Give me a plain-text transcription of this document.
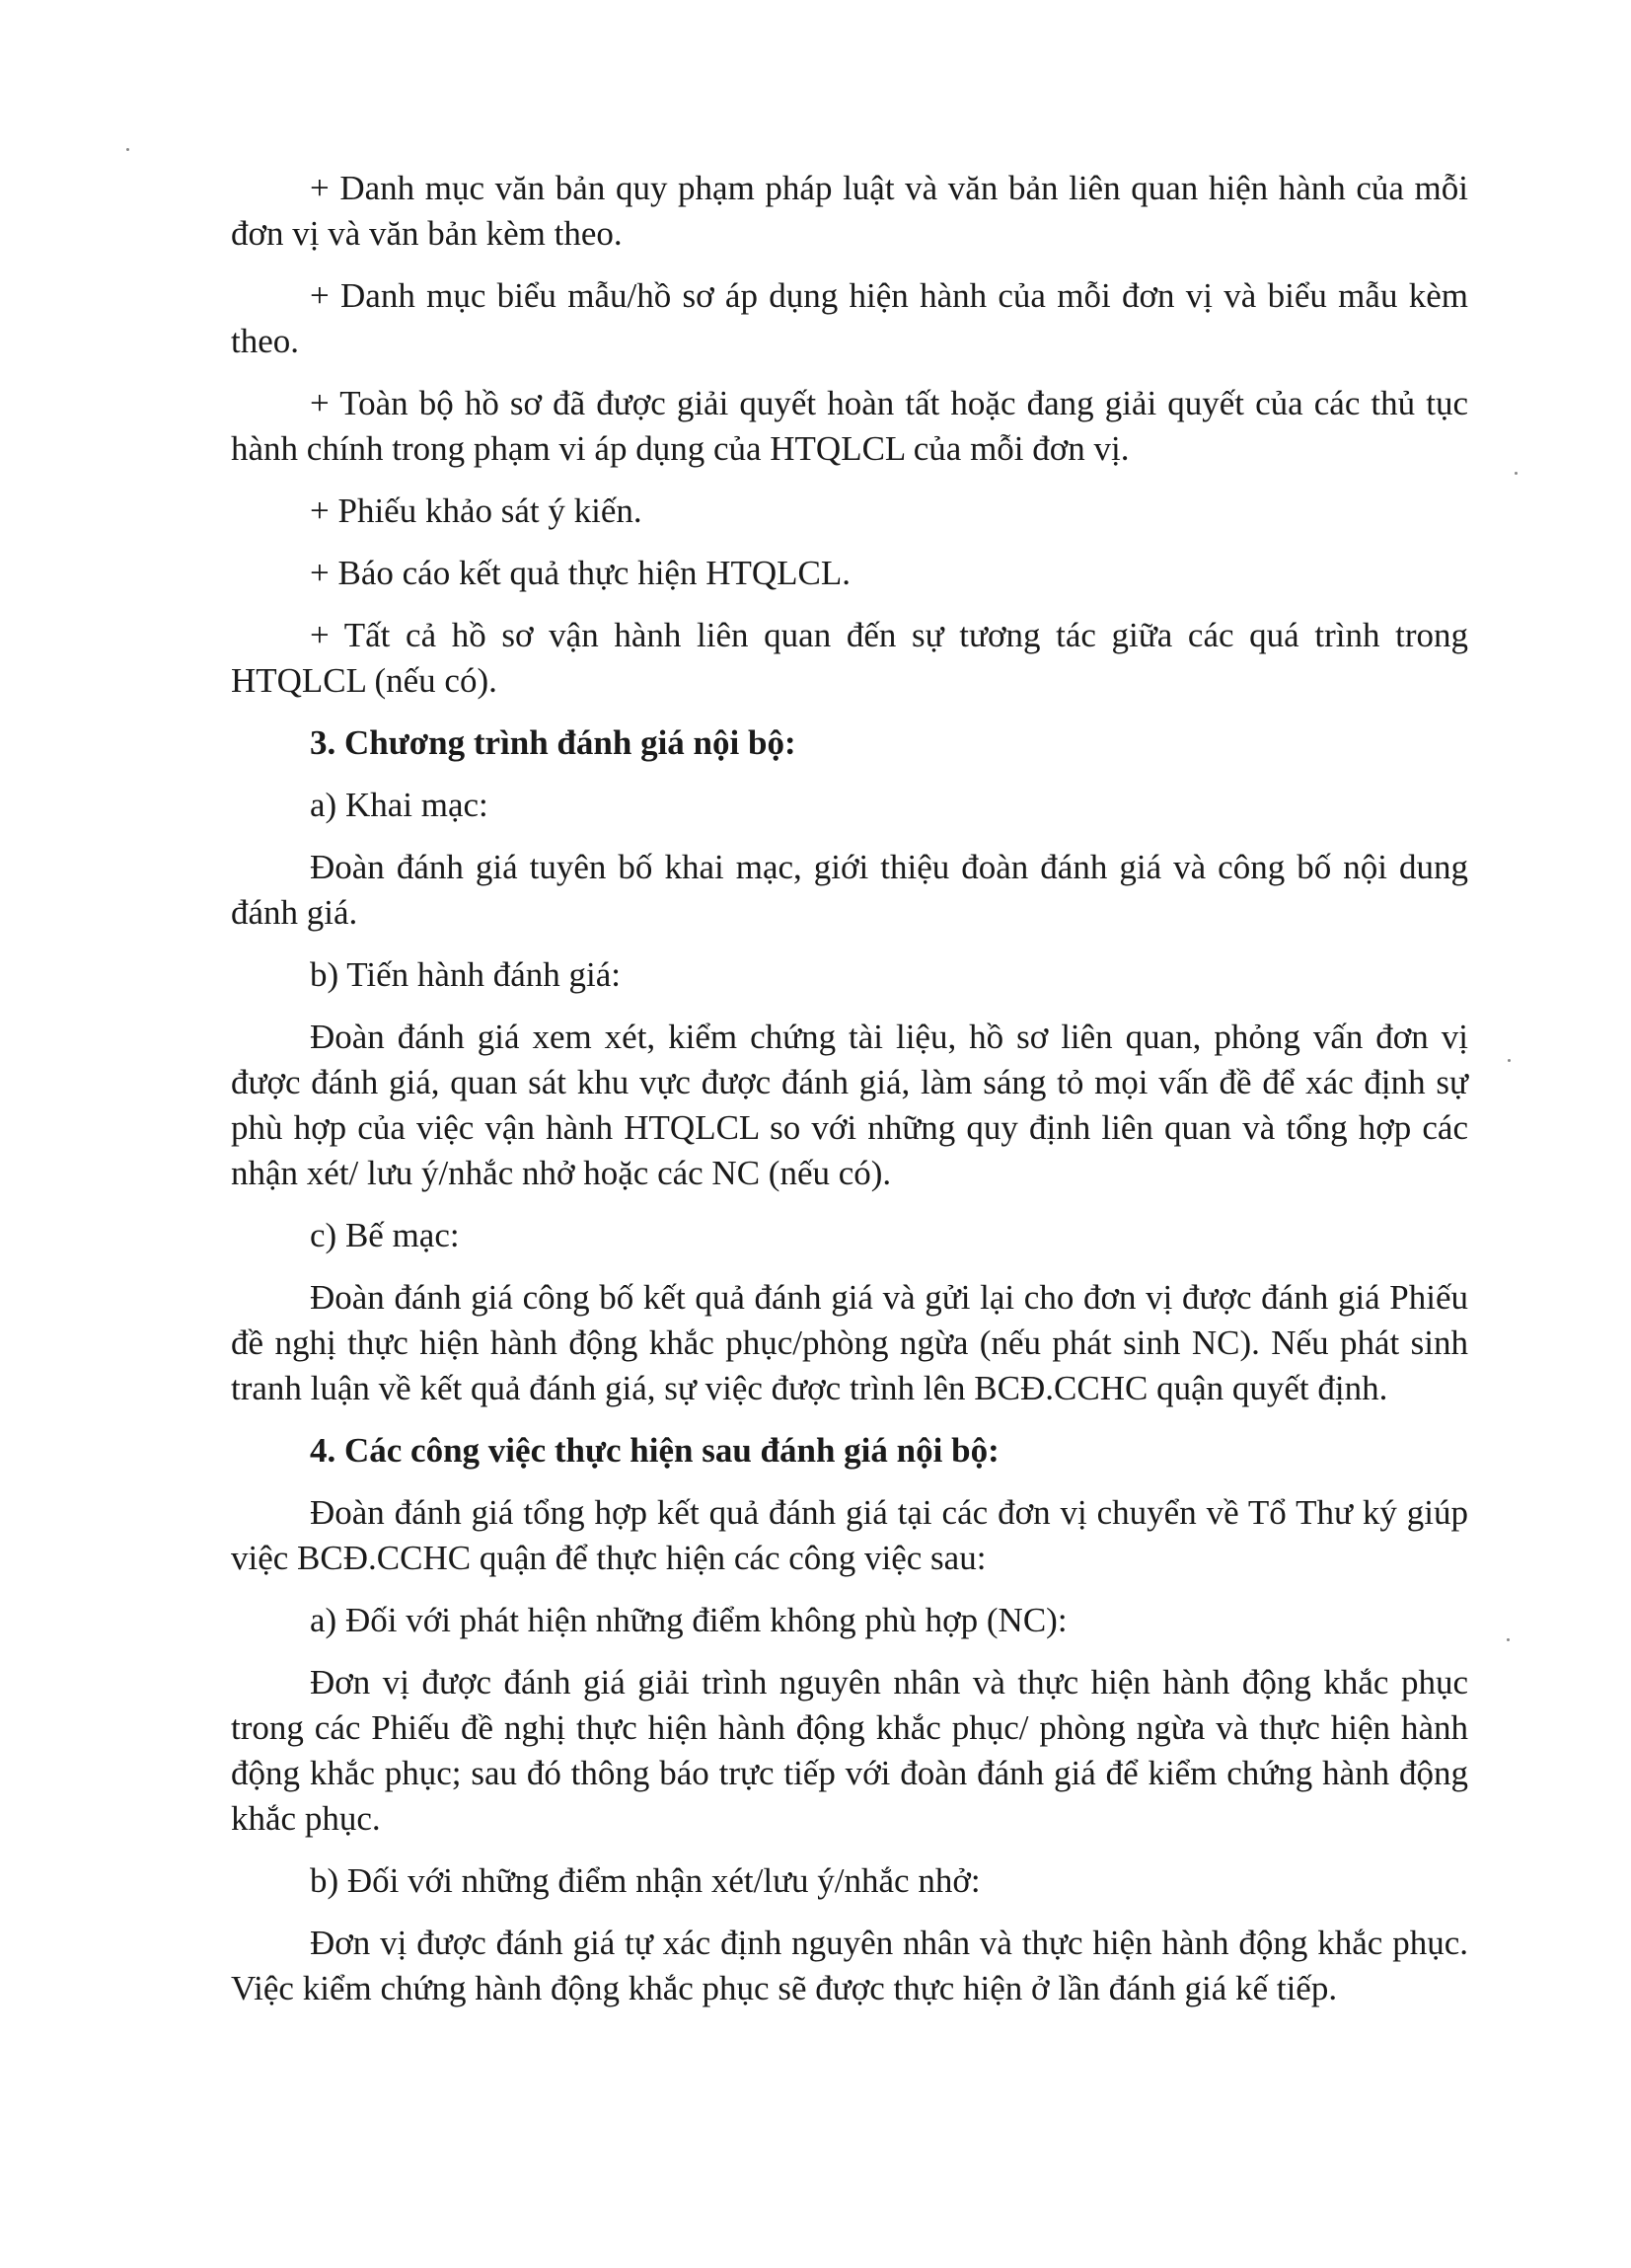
+ Danh mục văn bản quy phạm pháp luật và văn bản liên quan hiện hành của mỗi đơn vị và văn bản kèm theo.

+ Danh mục biểu mẫu/hồ sơ áp dụng hiện hành của mỗi đơn vị và biểu mẫu kèm theo.

+ Toàn bộ hồ sơ đã được giải quyết hoàn tất hoặc đang giải quyết của các thủ tục hành chính trong phạm vi áp dụng của HTQLCL của mỗi đơn vị.

+ Phiếu khảo sát ý kiến.

+ Báo cáo kết quả thực hiện HTQLCL.

+ Tất cả hồ sơ vận hành liên quan đến sự tương tác giữa các quá trình trong HTQLCL (nếu có).

3. Chương trình đánh giá nội bộ:

a) Khai mạc:

Đoàn đánh giá tuyên bố khai mạc, giới thiệu đoàn đánh giá và công bố nội dung đánh giá.

b) Tiến hành đánh giá:

Đoàn đánh giá xem xét, kiểm chứng tài liệu, hồ sơ liên quan, phỏng vấn đơn vị được đánh giá, quan sát khu vực được đánh giá, làm sáng tỏ mọi vấn đề để xác định sự phù hợp của việc vận hành HTQLCL so với những quy định liên quan và tổng hợp các nhận xét/ lưu ý/nhắc nhở hoặc các NC (nếu có).

c) Bế mạc:

Đoàn đánh giá công bố kết quả đánh giá và gửi lại cho đơn vị được đánh giá Phiếu đề nghị thực hiện hành động khắc phục/phòng ngừa (nếu phát sinh NC). Nếu phát sinh tranh luận về kết quả đánh giá, sự việc được trình lên BCĐ.CCHC quận quyết định.

4. Các công việc thực hiện sau đánh giá nội bộ:

Đoàn đánh giá tổng hợp kết quả đánh giá tại các đơn vị chuyển về Tổ Thư ký giúp việc BCĐ.CCHC quận để thực hiện các công việc sau:

a) Đối với phát hiện những điểm không phù hợp (NC):

Đơn vị được đánh giá giải trình nguyên nhân và thực hiện hành động khắc phục trong các Phiếu đề nghị thực hiện hành động khắc phục/ phòng ngừa và thực hiện hành động khắc phục; sau đó thông báo trực tiếp với đoàn đánh giá để kiểm chứng hành động khắc phục.

b) Đối với những điểm nhận xét/lưu ý/nhắc nhở:

Đơn vị được đánh giá tự xác định nguyên nhân và thực hiện hành động khắc phục. Việc kiểm chứng hành động khắc phục sẽ được thực hiện ở lần đánh giá kế tiếp.
